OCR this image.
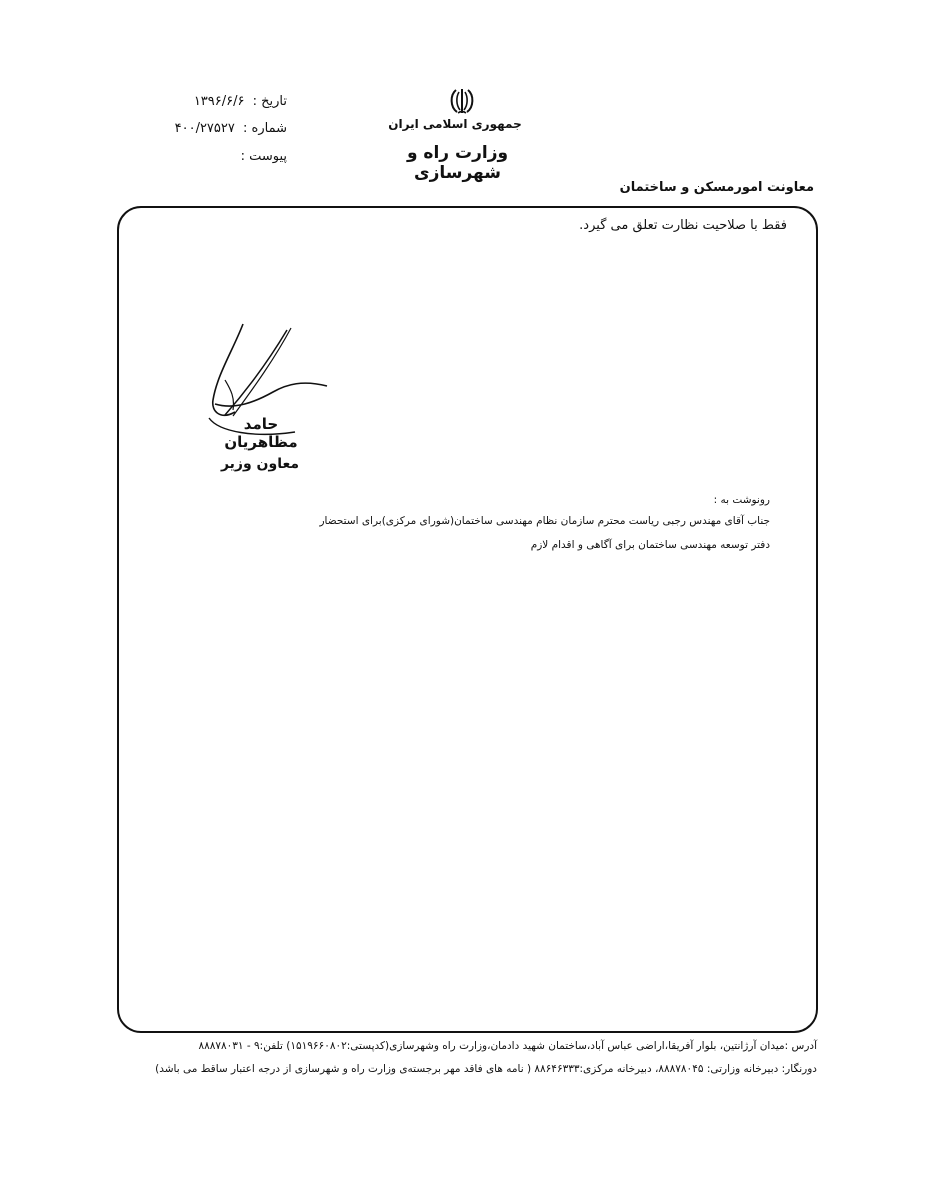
جمهوری اسلامی ایران
وزارت راه و شهرسازی
تاریخ : ۱۳۹۶/۶/۶
شماره : ۴۰۰/۲۷۵۲۷
پیوست :
معاونت امورمسکن و ساختمان
فقط با صلاحیت نظارت تعلق می گیرد.
حامد مظاهریان
معاون وزیر
رونوشت به :
جناب آقای مهندس رجبی ریاست محترم سازمان نظام مهندسی ساختمان(شورای مرکزی)برای استحضار
دفتر توسعه مهندسی ساختمان برای آگاهی و اقدام لازم
آدرس :میدان آرژانتین، بلوار آفریقا،اراضی عباس آباد،ساختمان شهید دادمان،وزارت راه وشهرسازی(کدپستی:۱۵۱۹۶۶۰۸۰۲) تلفن:۹ - ۸۸۸۷۸۰۳۱
دورنگار: دبیرخانه وزارتی: ۸۸۸۷۸۰۴۵، دبیرخانه مرکزی:۸۸۶۴۶۳۳۳ ( نامه های فاقد مهر برجسته‌ی وزارت راه و شهرسازی از درجه اعتبار ساقط می باشد)
